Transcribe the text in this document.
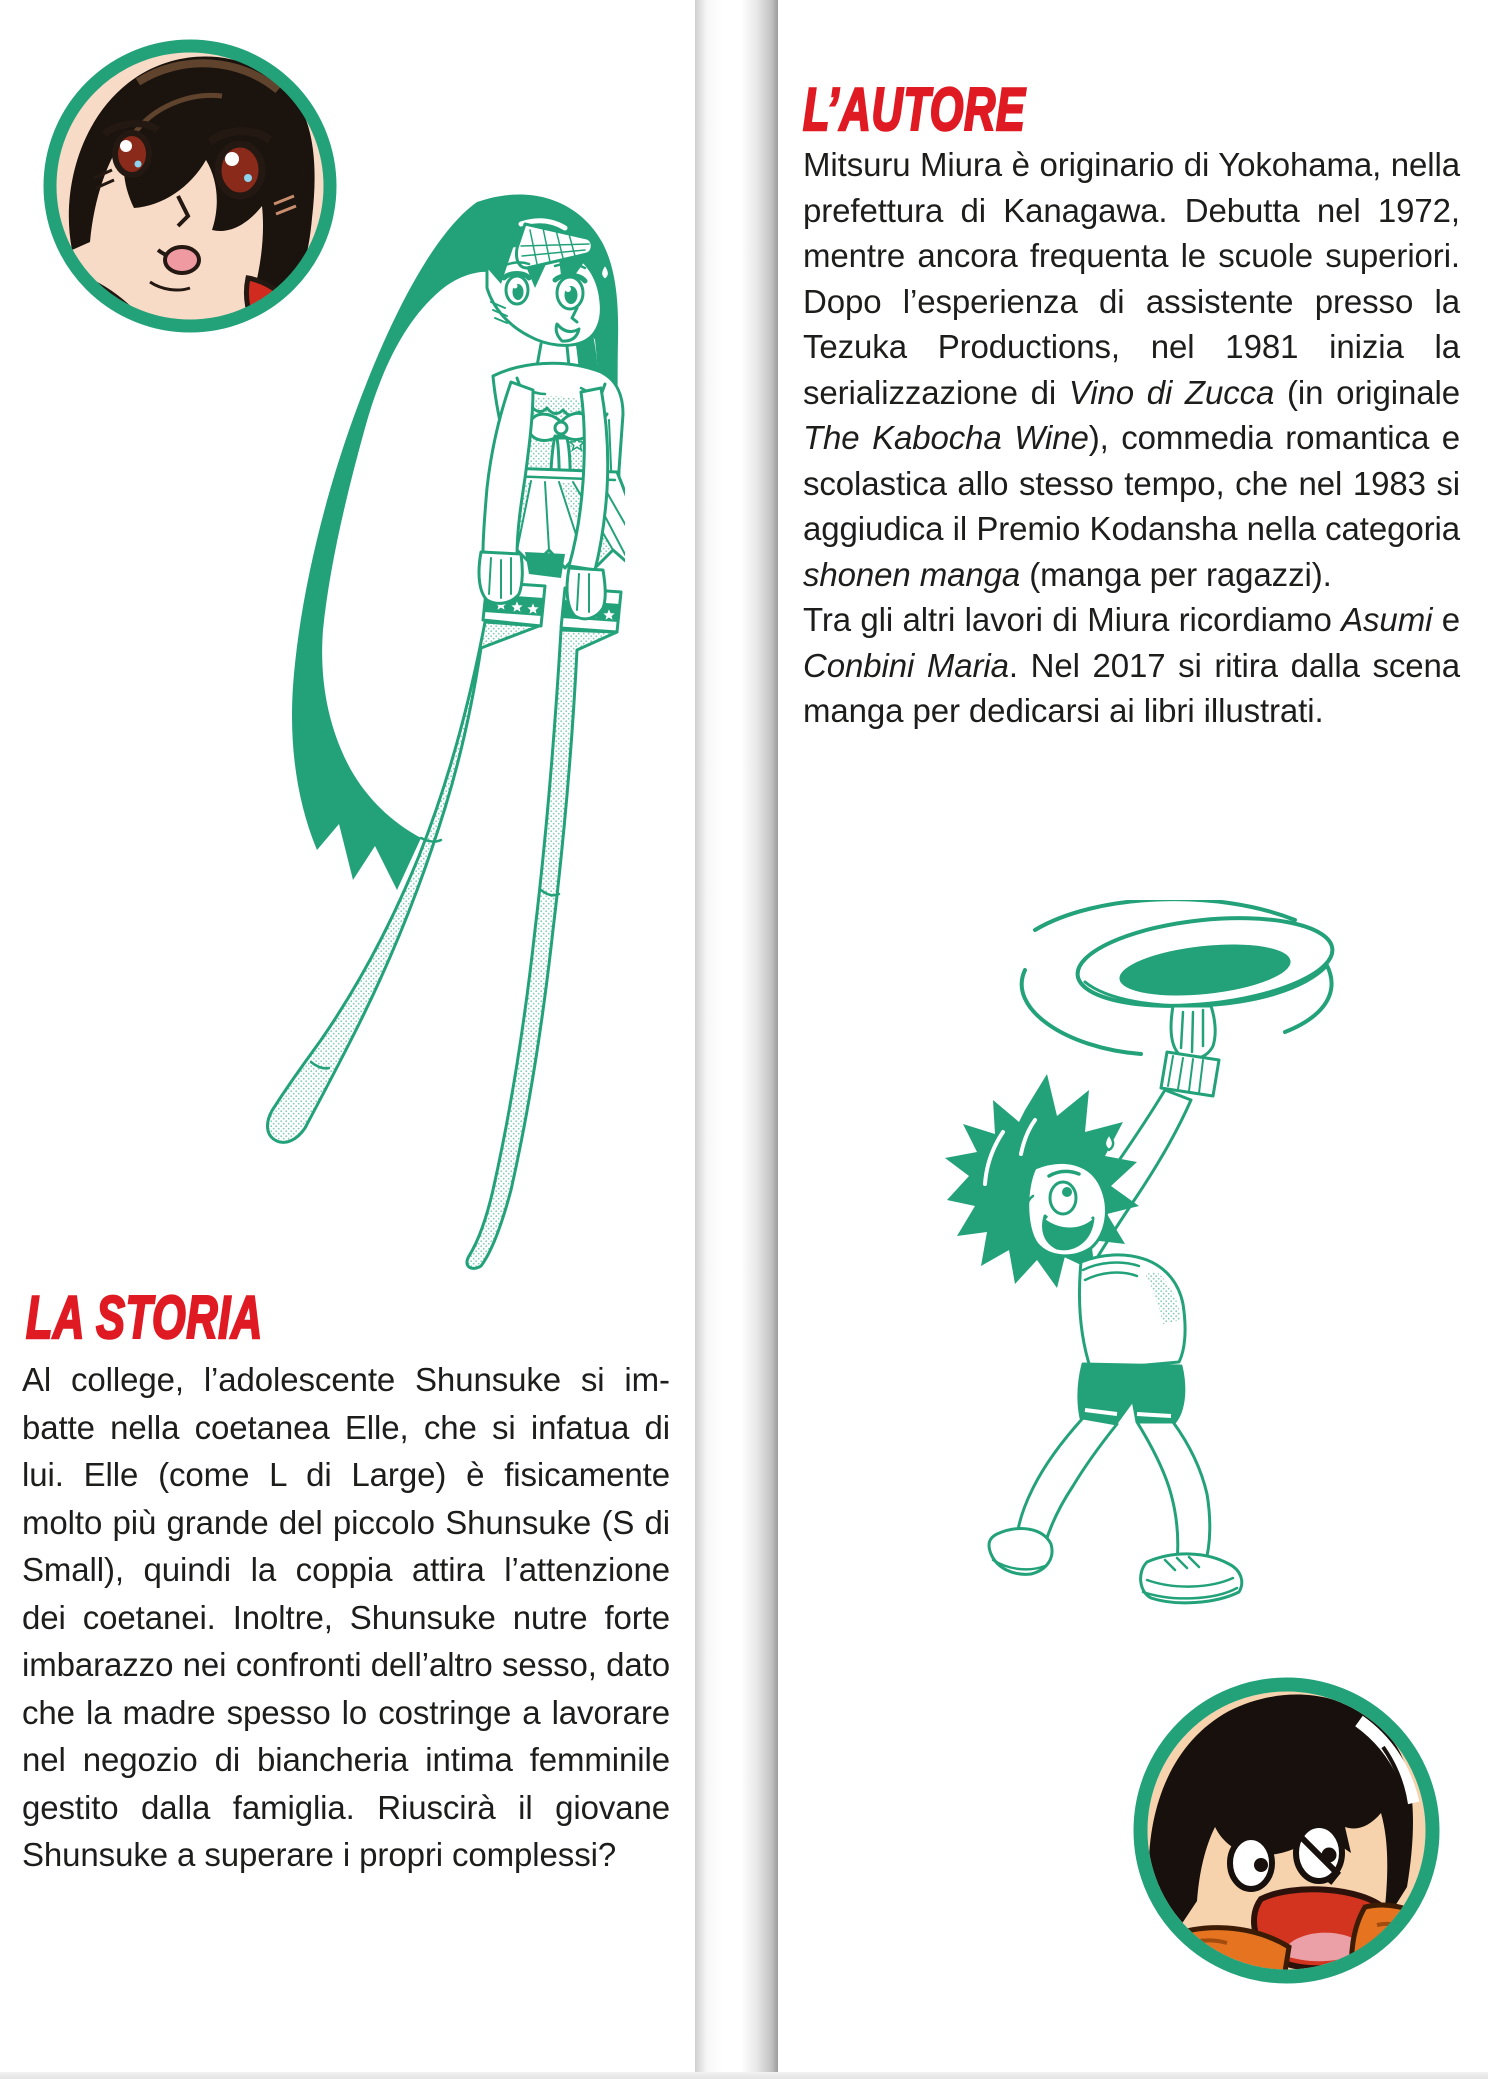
LA STORIA

Al college, l’adolescente Shunsuke si imbatte nella coetanea Elle, che si infatua di lui. Elle (come L di Large) è fisicamente molto più grande del piccolo Shunsuke (S di Small), quindi la coppia attira l’attenzione dei coetanei. Inoltre, Shunsuke nutre forte imbarazzo nei confronti dell’altro sesso, dato che la madre spesso lo costringe a lavorare nel negozio di biancheria intima femminile gestito dalla famiglia. Riuscirà il giovane Shunsuke a superare i propri complessi?

L’AUTORE

Mitsuru Miura è originario di Yokohama, nella prefettura di Kanagawa. Debutta nel 1972, mentre ancora frequenta le scuole superiori. Dopo l’esperienza di assistente presso la Tezuka Productions, nel 1981 inizia la serializzazione di Vino di Zucca (in originale The Kabocha Wine), commedia romantica e scolastica allo stesso tempo, che nel 1983 si aggiudica il Premio Kodansha nella categoria shonen manga (manga per ragazzi).

Tra gli altri lavori di Miura ricordiamo Asumi e Conbini Maria. Nel 2017 si ritira dalla scena manga per dedicarsi ai libri illustrati.
